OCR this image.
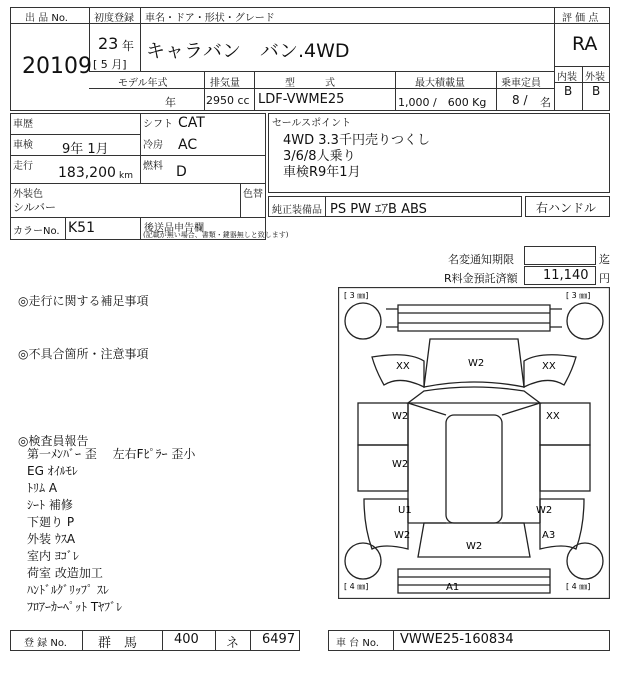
出 品 No.
20109
初度登録
23 年
[ 5 月]
車名・ドア・形状・グレード
キャラバン　バン.4WD
評 価 点
RA
内装
B
外装
B
モデル年式
年
排気量
2950 cc
型　　　式
LDF-VWME25
最大積載量
1,000 /　600 Kg
乗車定員
8 / 名
車歴	シフト CAT
車検 9年 1月	冷房 AC
走行 183,200 km
燃料 D
外装色
シルバー
色替
カラーNo. K51	後送品申告欄
(記載が無い場合、書類・鍵器無しと致します)
セールスポイント
4WD 3.3千円売りつくし
3/6/8人乗り
車検R9年1月
純正装備品 PS PW ｴｱB ABS	右ハンドル
名変通知期限	迄
R料金預託済額 11,140 円
◎走行に関する補足事項
◎不具合箇所・注意事項
◎検査員報告
第一ﾒﾝﾊﾞｰ 歪　 左右Fﾋﾟﾗｰ 歪小
EG ｵｲﾙﾓﾚ
ﾄﾘﾑ A
ｼｰﾄ 補修
下廻り P
外装 ｳｽA
室内 ﾖｺﾞﾚ
荷室 改造加工
ﾊﾝﾄﾞﾙｸﾞﾘｯﾌﾟ ｽﾚ
ﾌﾛｱｰｶｰﾍﾟｯﾄ Tﾔﾌﾞﾚ
[ 3 ㎜]	[ 3 ㎜]
[ 4 ㎜]	[ 4 ㎜]
XX	XX
W2
W2	XX
W2
U1
W2
W2
A3
W2
A1
登 録 No. 群　馬	400 ネ 6497	車 台 No. VWWE25-160834
